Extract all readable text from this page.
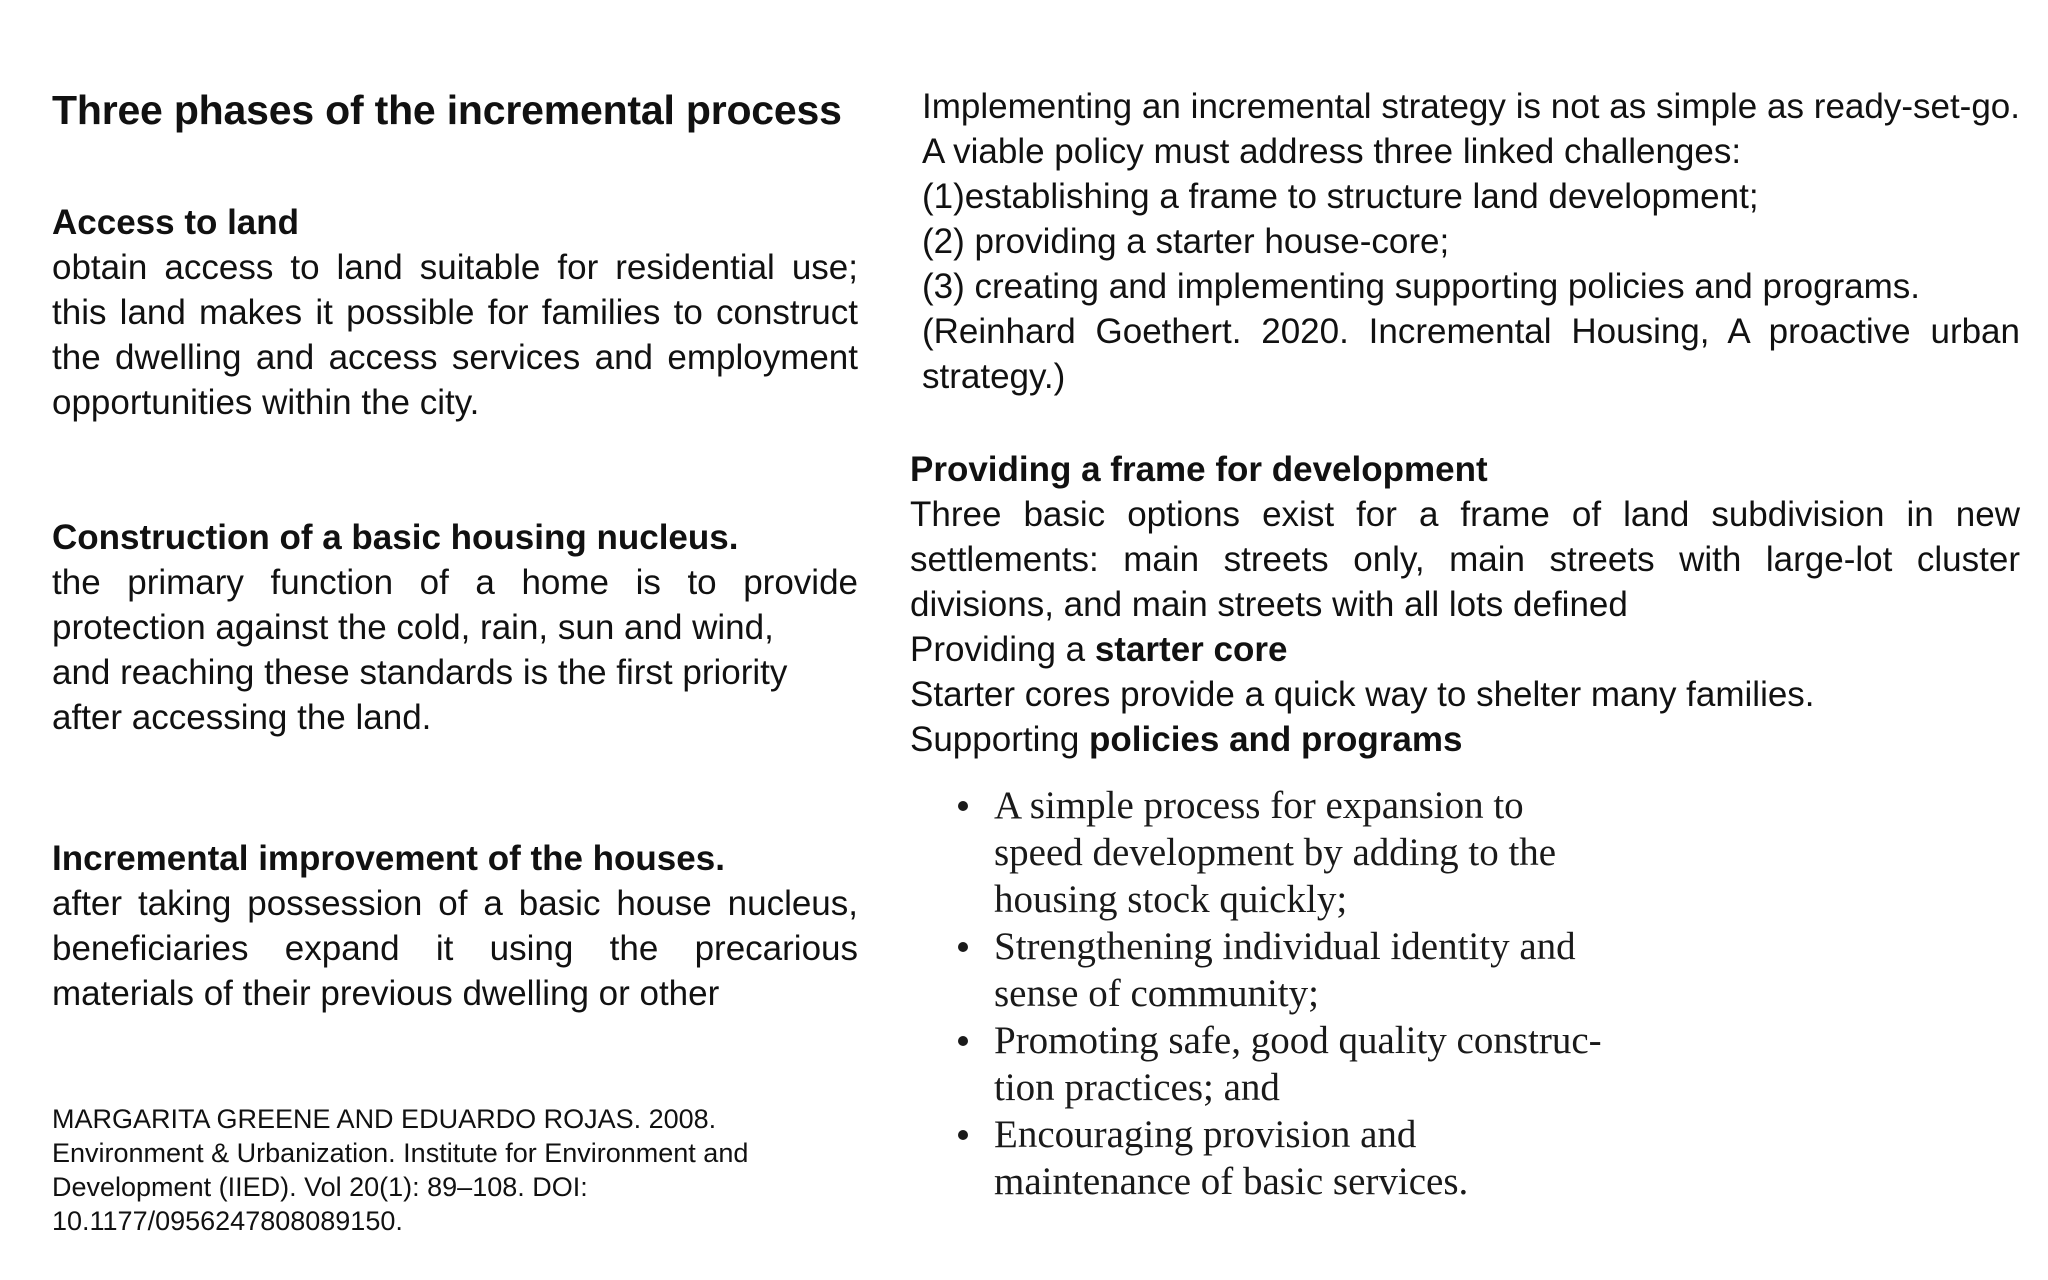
Three phases of the incremental process
Access to land
obtain access to land suitable for residential use; this land makes it possible for families to construct the dwelling and access services and employment opportunities within the city.
Construction of a basic housing nucleus.

the primary function of a home is to provide protection against the cold, rain, sun and wind,

and reaching these standards is the first priority

after accessing the land.

Incremental improvement of the houses.
after taking possession of a basic house nucleus, beneficiaries expand it using the precarious materials of their previous dwelling or other

MARGARITA GREENE AND EDUARDO ROJAS. 2008. Environment & Urbanization. Institute for Environment and Development (IIED). Vol 20(1): 89–108. DOI: 10.1177/0956247808089150.

Implementing an incremental strategy is not as simple as ready-set-go. A viable policy must address three linked challenges:

(1)establishing a frame to structure land development;

(2) providing a starter house-core;

(3) creating and implementing supporting policies and programs.

(Reinhard Goethert. 2020. Incremental Housing, A proactive urban strategy.)

Providing a frame for development

Three basic options exist for a frame of land subdivision in new settlements: main streets only, main streets with large-lot cluster divisions, and main streets with all lots defined

Providing a starter core

Starter cores provide a quick way to shelter many families.

Supporting policies and programs

A simple process for expansion to speed development by adding to the housing stock quickly;
Strengthening individual identity and sense of community;
Promoting safe, good quality construc-tion practices; and
Encouraging provision and maintenance of basic services.
